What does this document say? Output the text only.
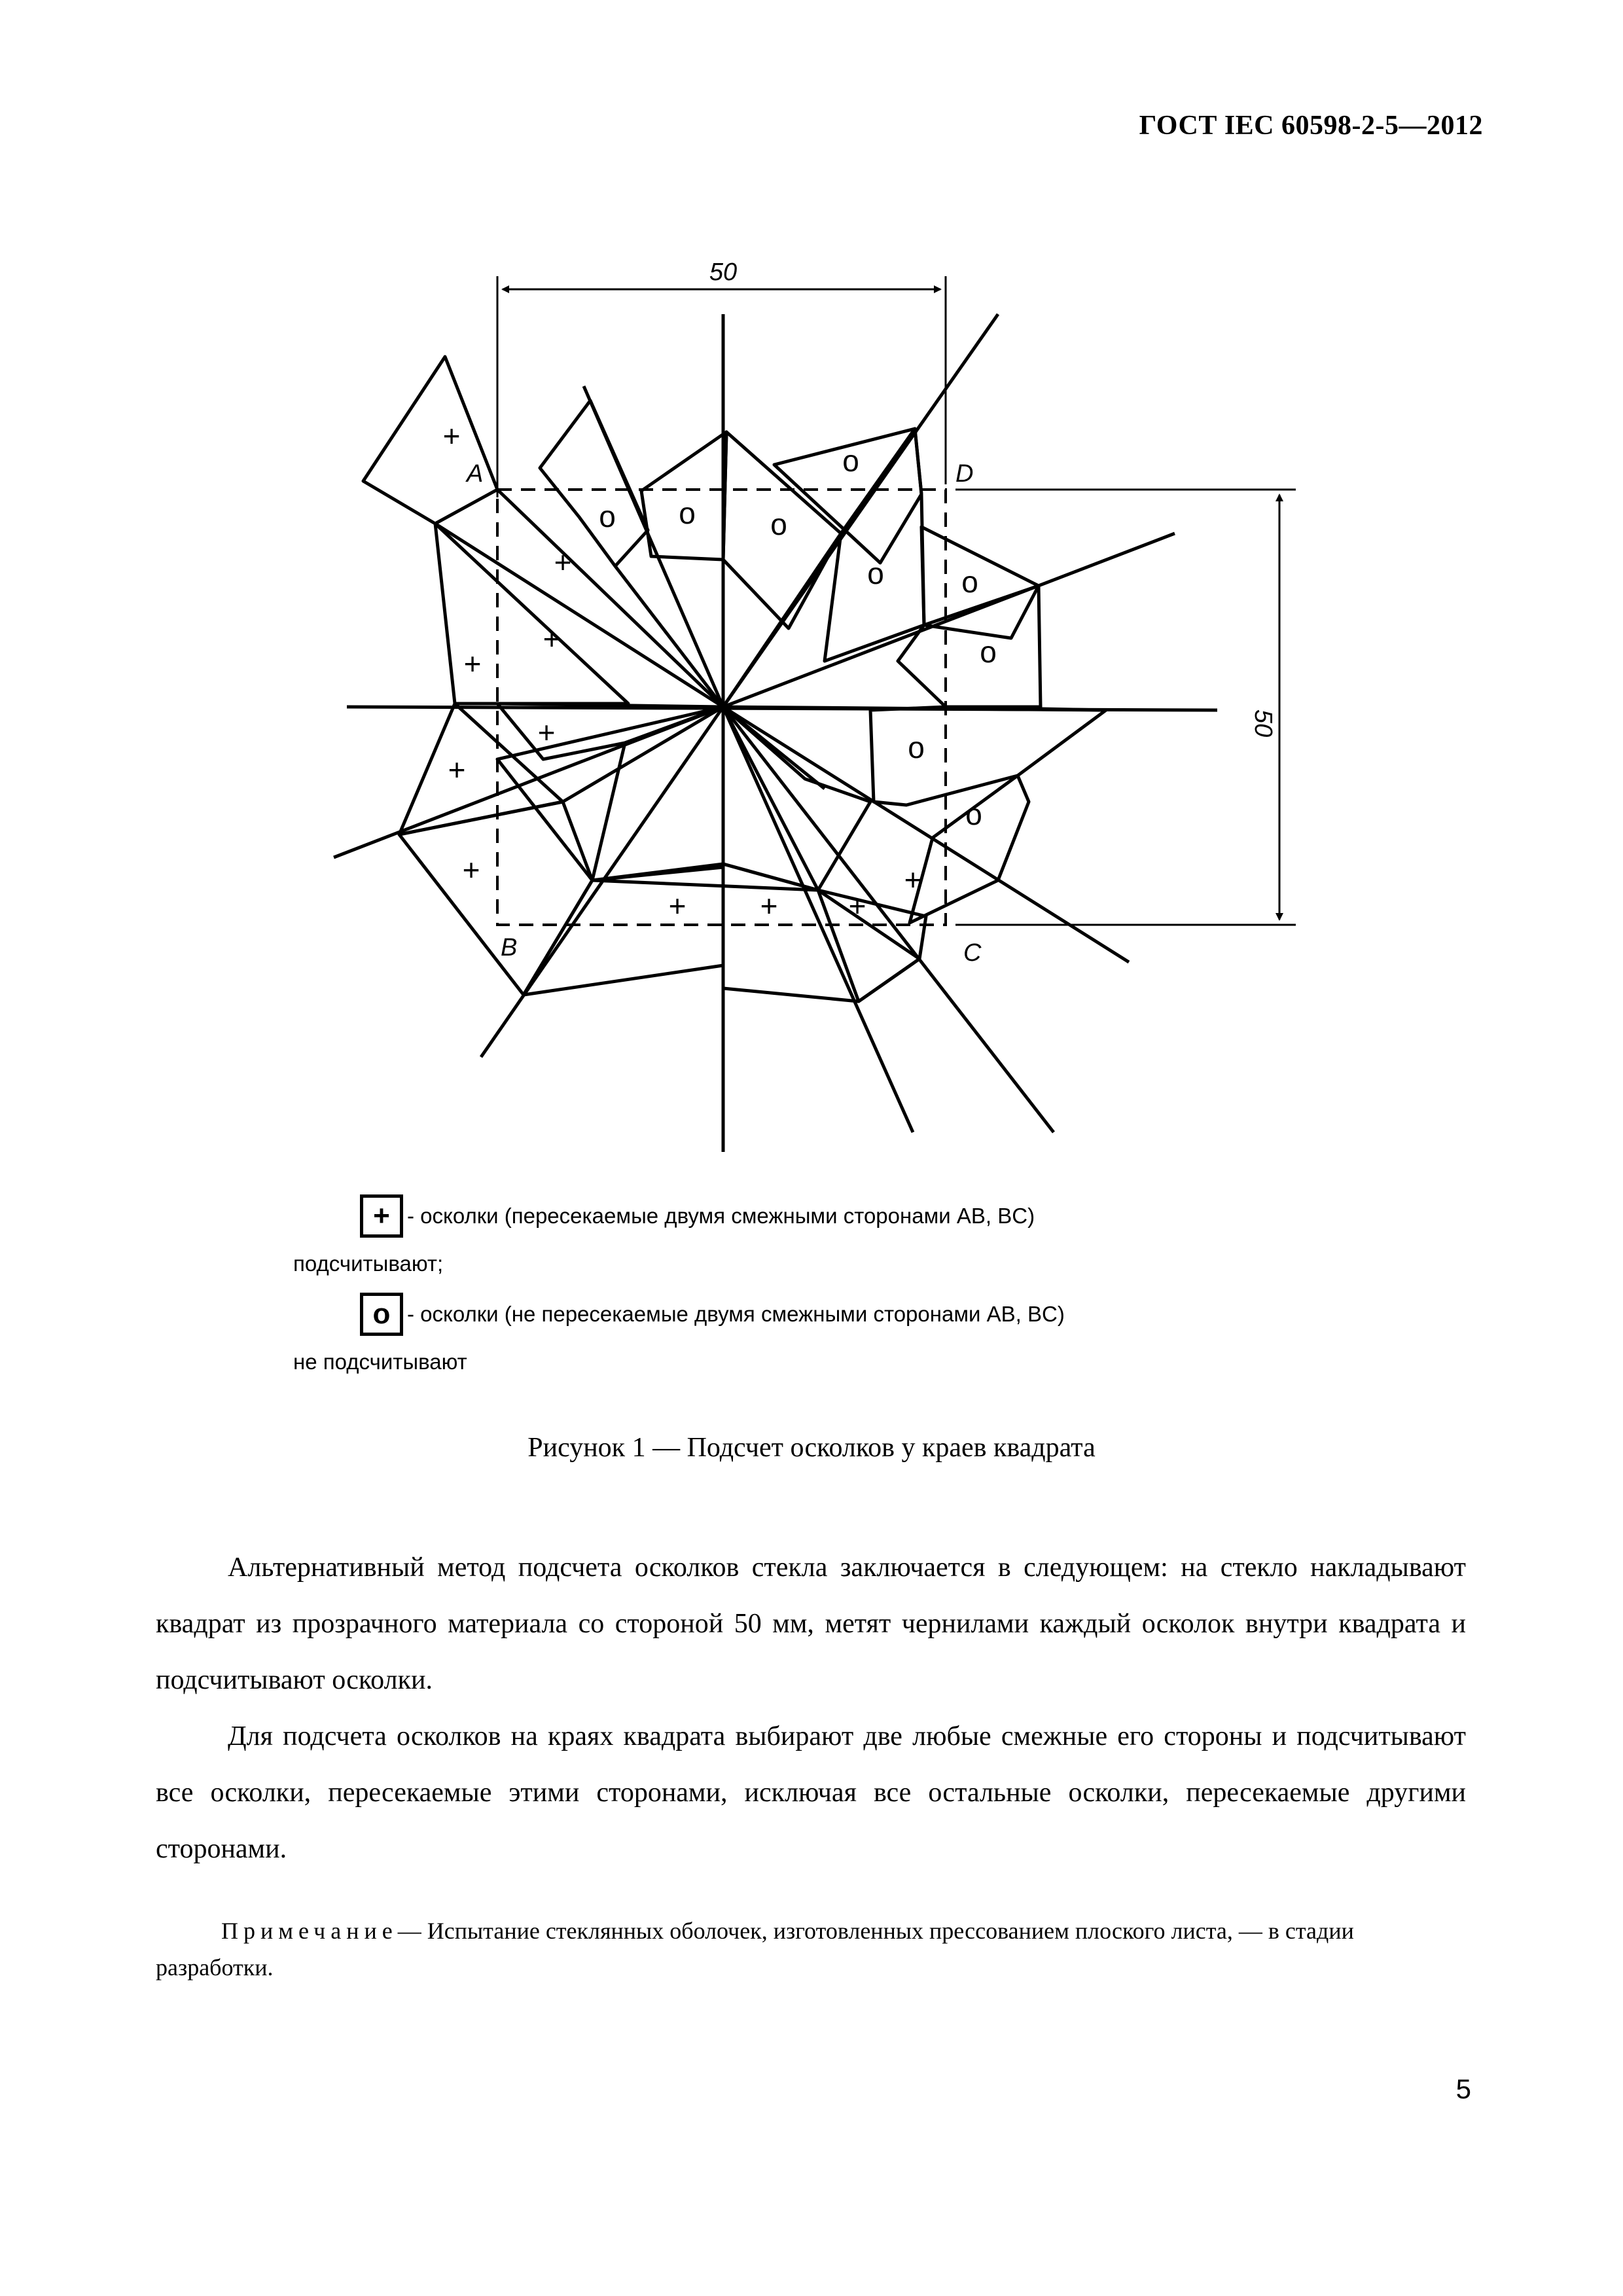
ГОСТ IEC 60598-2-5—2012
50
50
A
B	C
D
+
+
+
+
+
+
+
+ + +
+
o o o
o
o	o
o
o
o
+ - осколки (пересекаемые двумя смежными сторонами AB, BC)
подсчитывают;
o - осколки (не пересекаемые двумя смежными сторонами AB, BC)
не подсчитывают
Рисунок 1 — Подсчет осколков у краев квадрата

Альтернативный метод подсчета осколков стекла заключается в следующем: на стекло накладывают квадрат из прозрачного материала со стороной 50 мм, метят чернилами каждый осколок внутри квадрата и подсчитывают осколки.

Для подсчета осколков на краях квадрата выбирают две любые смежные его стороны и подсчитывают все осколки, пересекаемые этими сторонами, исключая все остальные осколки, пересекаемые другими сторонами.

Примечание— Испытание стеклянных оболочек, изготовленных прессованием плоского листа, — в стадии разработки.

5
